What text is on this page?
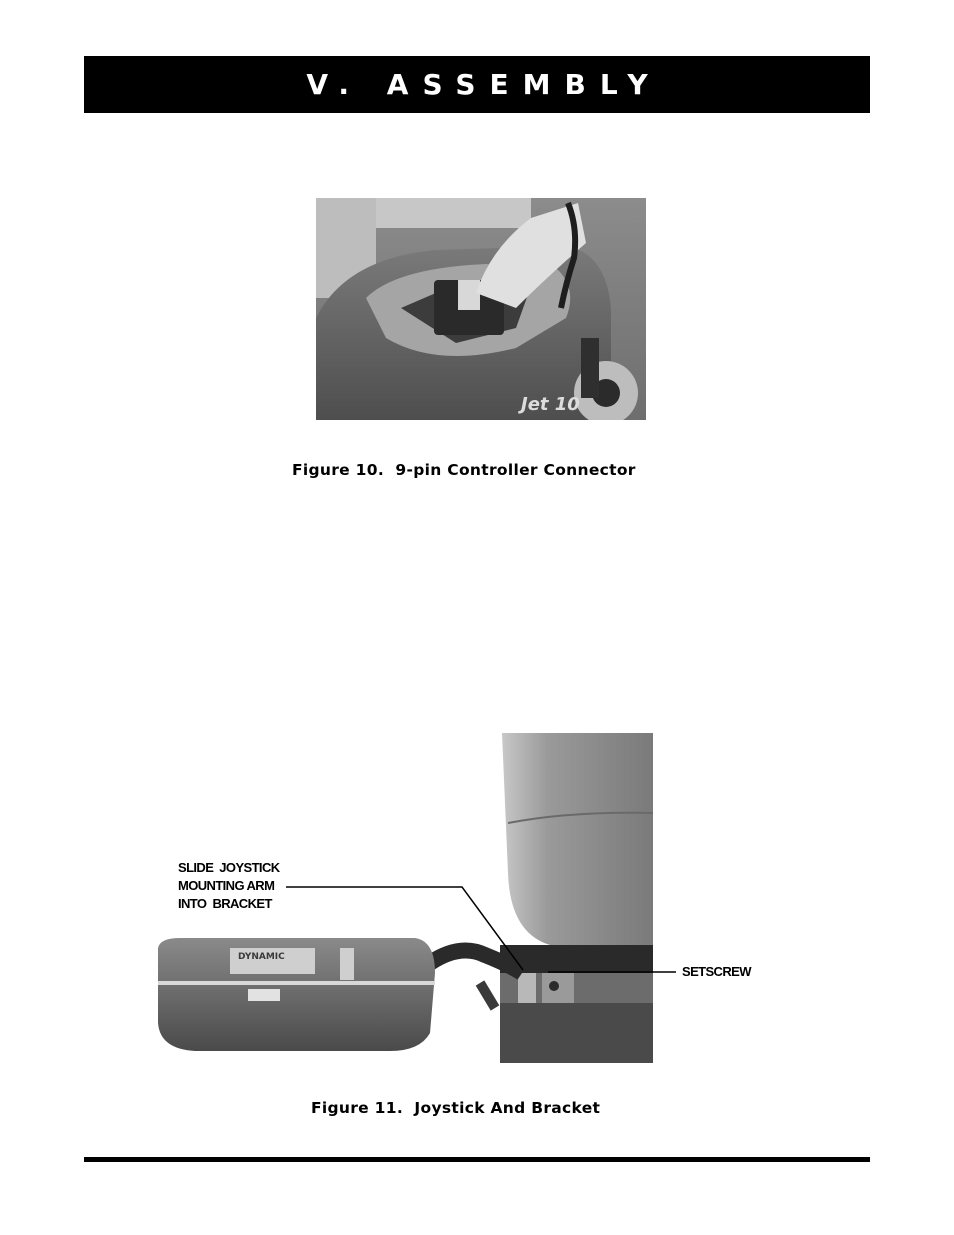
V. ASSEMBLY
Jet 10
Figure 10.  9-pin Controller Connector
DYNAMIC
SLIDE  JOYSTICK
MOUNTING ARM
INTO  BRACKET
SETSCREW
Figure 11.  Joystick And Bracket
